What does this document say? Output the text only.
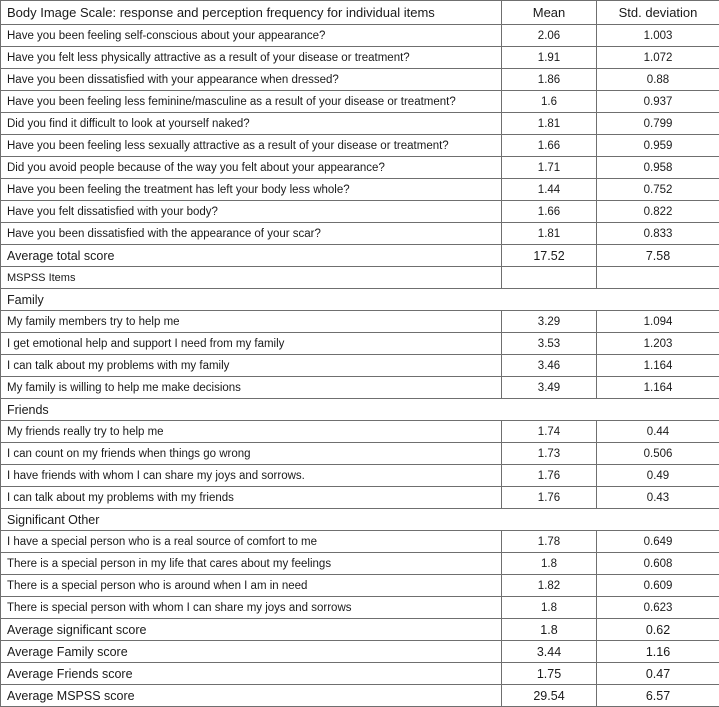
Body Image Scale: response and perception frequency for individual items	Mean	Std. deviation
Have you been feeling self-conscious about your appearance?	2.06	1.003
Have you felt less physically attractive as a result of your disease or treatment?	1.91	1.072
Have you been dissatisfied with your appearance when dressed?	1.86	0.88
Have you been feeling less feminine/masculine as a result of your disease or treatment?	1.6	0.937
Did you find it difficult to look at yourself naked?	1.81	0.799
Have you been feeling less sexually attractive as a result of your disease or treatment?	1.66	0.959
Did you avoid people because of the way you felt about your appearance?	1.71	0.958
Have you been feeling the treatment has left your body less whole?	1.44	0.752
Have you felt dissatisfied with your body?	1.66	0.822
Have you been dissatisfied with the appearance of your scar?	1.81	0.833
Average total score	17.52	7.58
MSPSS Items		
Family		
My family members try to help me	3.29	1.094
I get emotional help and support I need from my family	3.53	1.203
I can talk about my problems with my family	3.46	1.164
My family is willing to help me make decisions	3.49	1.164
Friends		
My friends really try to help me	1.74	0.44
I can count on my friends when things go wrong	1.73	0.506
I have friends with whom I can share my joys and sorrows.	1.76	0.49
I can talk about my problems with my friends	1.76	0.43
Significant Other		
I have a special person who is a real source of comfort to me	1.78	0.649
There is a special person in my life that cares about my feelings	1.8	0.608
There is a special person who is around when I am in need	1.82	0.609
There is special person with whom I can share my joys and sorrows	1.8	0.623
Average significant score	1.8	0.62
Average Family score	3.44	1.16
Average Friends score	1.75	0.47
Average MSPSS score	29.54	6.57
